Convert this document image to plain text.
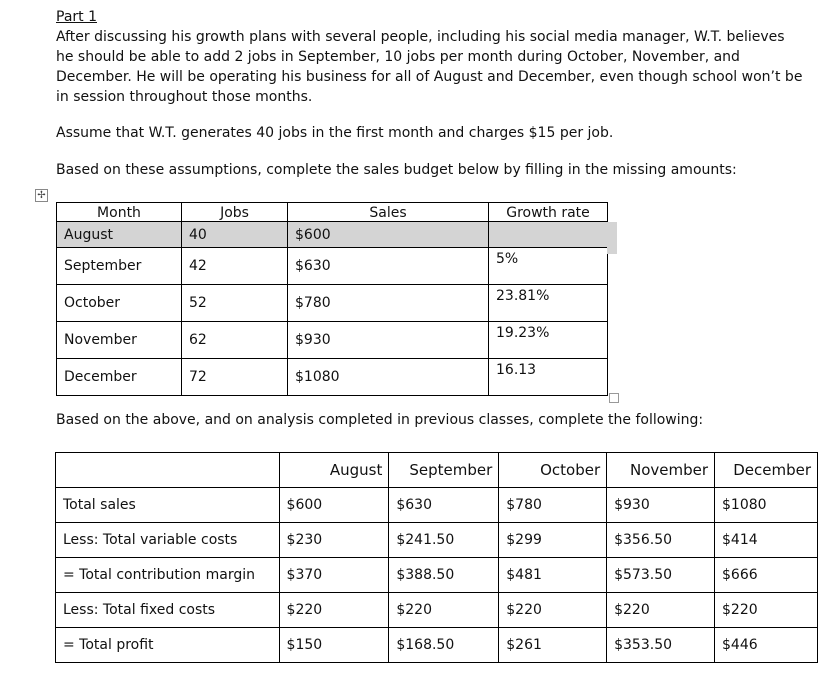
Part 1
After discussing his growth plans with several people, including his social media manager, W.T. believes he should be able to add 2 jobs in September, 10 jobs per month during October, November, and December. He will be operating his business for all of August and December, even though school won’t be in session throughout those months.
Assume that W.T. generates 40 jobs in the first month and charges $15 per job.
Based on these assumptions, complete the sales budget below by filling in the missing amounts:
✢
Month	Jobs	Sales	Growth rate
August	40	$600	
September	42	$630	5%
October	52	$780	23.81%
November	62	$930	19.23%
December	72	$1080	16.13
Based on the above, and on analysis completed in previous classes, complete the following:
	August	September	October	November	December
Total sales	$600	$630	$780	$930	$1080
Less: Total variable costs	$230	$241.50	$299	$356.50	$414
= Total contribution margin	$370	$388.50	$481	$573.50	$666
Less: Total fixed costs	$220	$220	$220	$220	$220
= Total profit	$150	$168.50	$261	$353.50	$446
